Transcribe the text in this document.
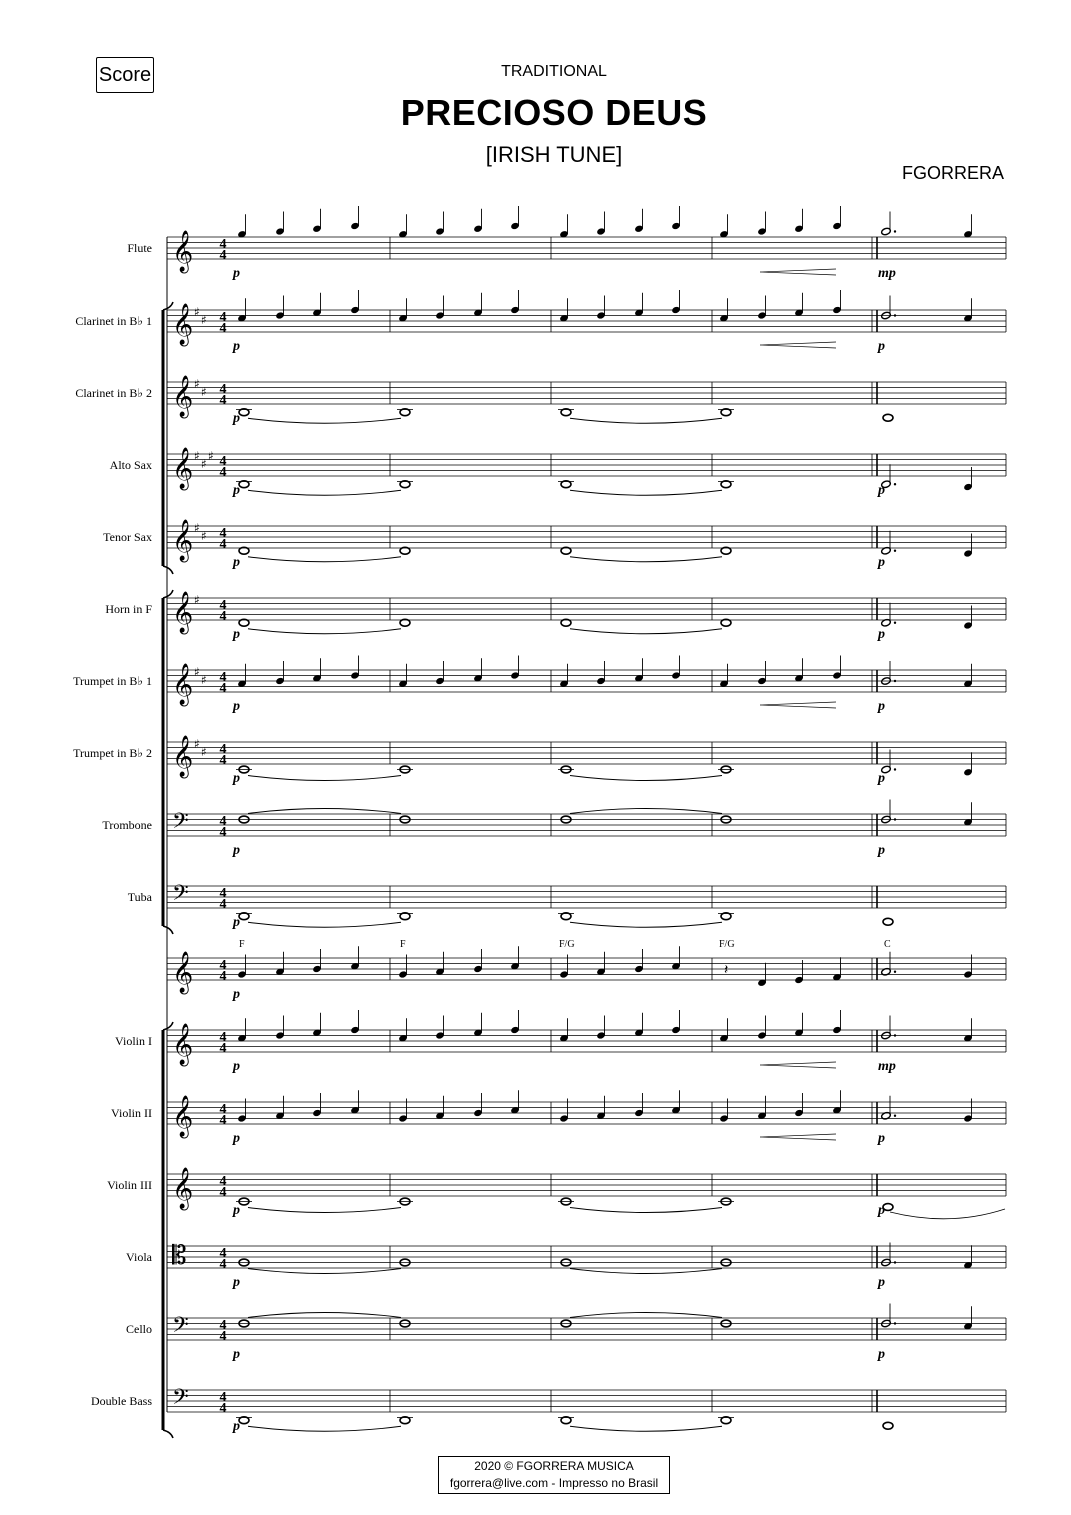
Score	TRADITIONAL
PRECIOSO DEUS
[IRISH TUNE]
FGORRERA
Flute 𝄞 4
4
p	mp
Clarinet in B♭ 1 𝄞 ♯
♯ 4
4
p	p
Clarinet in B♭ 2 𝄞 ♯
♯ 4
4
p
Alto Sax 𝄞 ♯
♯
♯ 4
4
p	p
Tenor Sax 𝄞 ♯
♯ 4
4
p	p
Horn in F 𝄞 ♯ 4
4
p	p
Trumpet in B♭ 1 𝄞 ♯
♯ 4
4
p	p
Trumpet in B♭ 2 𝄞 ♯
♯ 4
4
p	p
Trombone 𝄢 4
4
p	p
Tuba 𝄢 4
4
p
𝄞 4
4	𝄽
p
Violin I 𝄞 4
4
p	mp
Violin II 𝄞 4
4
p	p
Violin III 𝄞 4
4
p	p
Viola 𝄡 4
4
p	p
Cello 𝄢 4
4
p	p
Double Bass 𝄢 4
4
p
F	F	F/G	F/G	C
2020 © FGORRERA MUSICA
fgorrera@live.com - Impresso no Brasil
